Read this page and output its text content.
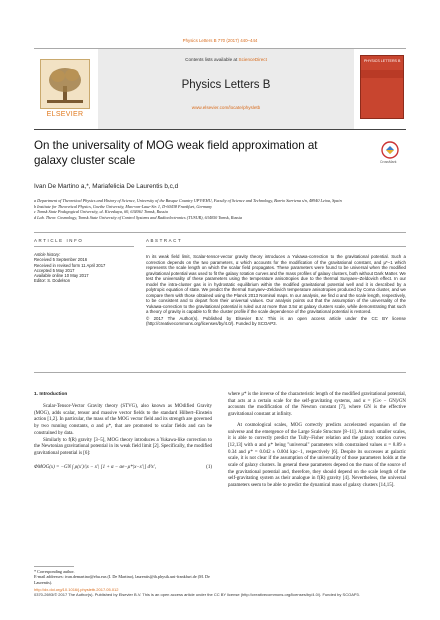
Physics Letters B 770 (2017) 440–444
ELSEVIER
Contents lists available at ScienceDirect
Physics Letters B
www.elsevier.com/locate/physletb
PHYSICS LETTERS B
On the universality of MOG weak field approximation at galaxy cluster scale	CrossMark
Ivan De Martino a,*, Mariafelicia De Laurentis b,c,d

a Department of Theoretical Physics and History of Science, University of the Basque Country UPV/EHU, Faculty of Science and Technology, Barrio Sarriena s/n, 48940 Leioa, Spain

b Institute for Theoretical Physics, Goethe University, Max-von-Laue-Str. 1, D-60438 Frankfurt, Germany

c Tomsk State Pedagogical University, ul. Kievskaya, 60, 634061 Tomsk, Russia

d Lab. Theor. Cosmology, Tomsk State University of Control Systems and Radioelectronics (TUSUR), 634050 Tomsk, Russia

ARTICLE INFO	ABSTRACT

Article history:

Received 5 September 2016

Received in revised form 11 April 2017

Accepted 5 May 2017

Available online 10 May 2017

Editor: S. Dodelson

In its weak field limit, Scalar-tensor-vector gravity theory introduces a Yukawa-correction to the gravitational potential. Such a correction depends on the two parameters, α which accounts for the modification of the gravitational constant, and μ*−1 which represents the scale length on which the scalar field propagates. These parameters were found to be universal when the modified gravitational potential was used to fit the galaxy rotation curves and the mass profiles of galaxy clusters, both without Dark Matter. We test the universality of these parameters using the temperature anisotropies due to the thermal Sunyaev–Zeldovich effect. In our model the intra-cluster gas is in hydrostatic equilibrium within the modified gravitational potential well and it is described by a polytropic equation of state. We predict the thermal Sunyaev–Zeldovich temperature anisotropies produced by Coma cluster, and we compare them with those obtained using the Planck 2013 Nominal maps. In our analysis, we find α and the scale length, respectively, to be consistent and to depart from their universal values. Our analysis points out that the assumption of the universality of the Yukawa-correction to the gravitational potential is ruled out at more than 3.5σ at galaxy clusters scale, while demonstrating that such a theory of gravity is capable to fit the cluster profile if the scale dependence of the gravitational potential is restored.
© 2017 The Author(s). Published by Elsevier B.V. This is an open access article under the CC BY license (http://creativecommons.org/licenses/by/4.0/). Funded by SCOAP3.
1. Introduction

Scalar-Tensor-Vector Gravity theory (STVG), also known as MOdified Gravity (MOG), adds scalar, tensor and massive vector fields to the standard Hilbert–Einstein action [1,2]. In particular, the mass of the MOG vector field and its strength are governed by two running constants, α and μ*, that are promoted to scalar fields and can be constrained by data.

Similarly to f(R) gravity [3–5], MOG theory introduces a Yukawa-like correction to the Newtonian gravitational potential in its weak field limit [2]. Specifically, the modified gravitational potential is [6]:

ΦMOG(x) = −GN ∫ ρ(x′)/|x − x′| [1 + α − αe−μ*|x−x′|] d³x′,	(1)

where μ* is the inverse of the characteristic length of the modified gravitational potential, that acts at a certain scale for the self-gravitating systems, and α = (G∞ − GN)/GN accounts the modification of the Newton constant [7], where GN is the effective gravitational constant at infinity.

At cosmological scales, MOG correctly predicts accelerated expansion of the universe and the emergence of the Large Scale Structure [8–11]. At much smaller scales, it is able to correctly predict the Tully–Fisher relation and the galaxy rotation curves [12,13] with α and μ* being "universal" parameters with constrained values α = 8.89 ± 0.34 and μ* = 0.042 ± 0.004 kpc−1, respectively [6]. Despite its successes at galactic scale, it is not clear if the assumption of the universality of those parameters holds at the scale of galaxy clusters. In general these parameters depend on the mass of the source of the gravitational potential and, therefore, they should depend on the scale length of the self-gravitating system as their analogue in f(R) gravity [4]. Nevertheless, the universal parameters seem to be able to predict the dynamical mass of galaxy clusters [14,15].

* Corresponding author.
E-mail addresses: ivan.demartino@ehu.eus (I. De Martino), laurentis@th.physik.uni-frankfurt.de (M. De Laurentis).
http://dx.doi.org/10.1016/j.physletb.2017.05.012
0370-2693/© 2017 The Author(s). Published by Elsevier B.V. This is an open access article under the CC BY license (http://creativecommons.org/licenses/by/4.0/). Funded by SCOAP3.
